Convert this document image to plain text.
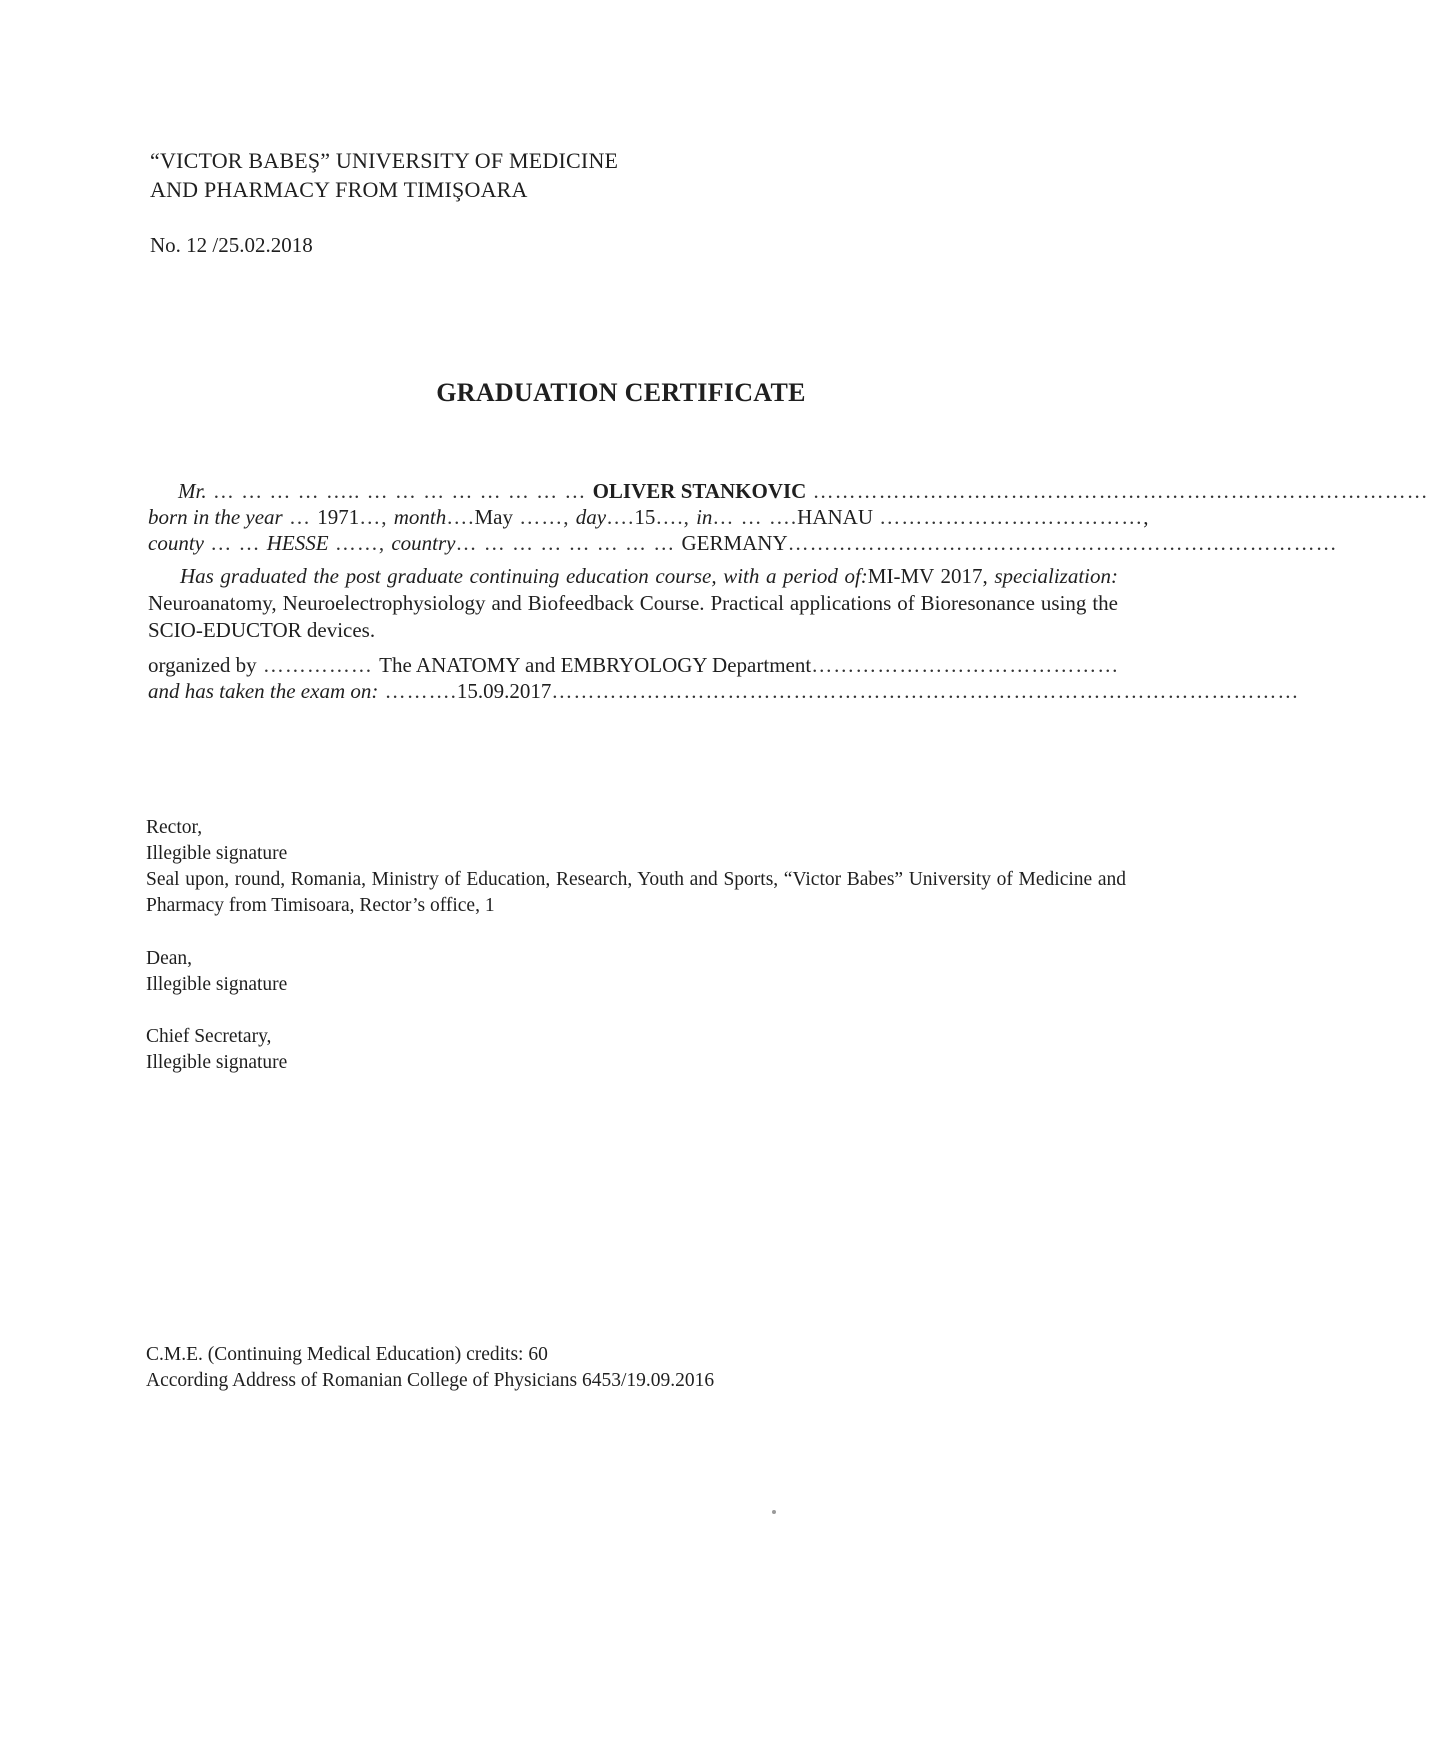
“VICTOR BABEŞ” UNIVERSITY OF MEDICINE
AND PHARMACY FROM TIMIŞOARA
No. 12 /25.02.2018
GRADUATION CERTIFICATE
Mr. … … … … ….. … … … … … … … … OLIVER STANKOVIC …………………………………………………………………………
born in the year … 1971 …, month …. May ……, day …. 15 …., in … … …. HANAU ……………………………… ,
county … … HESSE ……, country … … … … … … … … GERMANY …………………………………………………………………
Has graduated the post graduate continuing education course, with a period of:MI-MV 2017, specialization: Neuroanatomy, Neuroelectrophysiology and Biofeedback Course. Practical applications of Bioresonance using the SCIO-EDUCTOR devices.
organized by …………… The ANATOMY and EMBRYOLOGY Department ……………………………………
and has taken the exam on: ………. 15.09.2017 …………………………………………………………………………………………
Rector,
Illegible signature
Seal upon, round, Romania, Ministry of Education, Research, Youth and Sports, “Victor Babes” University of Medicine and Pharmacy from Timisoara, Rector’s office, 1
Dean,
Illegible signature
Chief Secretary,
Illegible signature
C.M.E. (Continuing Medical Education) credits: 60
According Address of Romanian College of Physicians 6453/19.09.2016
